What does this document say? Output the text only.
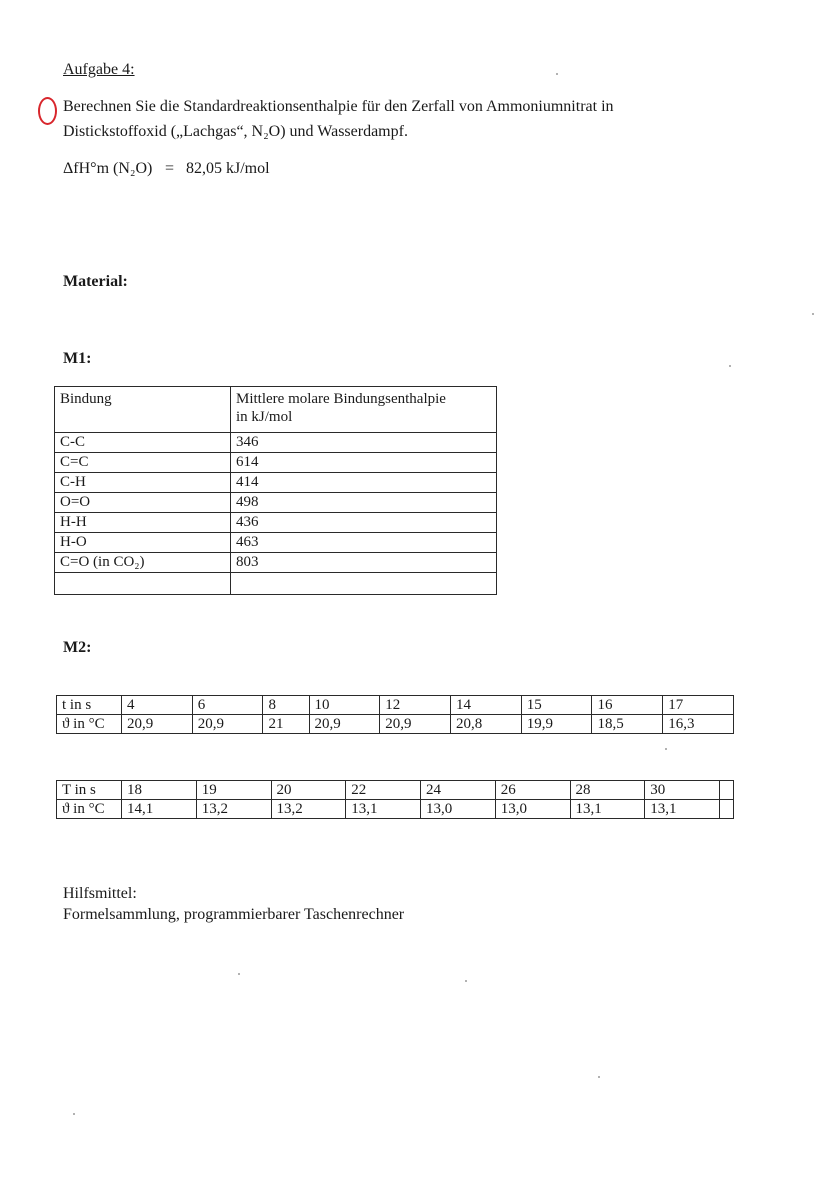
Aufgabe 4:
Berechnen Sie die Standardreaktionsenthalpie für den Zerfall von Ammoniumnitrat in
Distickstoffoxid („Lachgas“, N₂O) und Wasserdampf.
ΔfH°m (N₂O) = 82,05 kJ/mol
Material:
M1:
Bindung	Mittlere molare Bindungsenthalpie
in kJ/mol

C-C	346
C=C	614
C-H	414
O=O	498
H-H	436
H-O	463
C=O (in CO₂)	803

M2:
t in s	4	6	8	10	12	14	15	16	17
ϑ in °C	20,9	20,9	21	20,9	20,9	20,8	19,9	18,5	16,3
T in s	18	19	20	22	24	26	28	30	
ϑ in °C	14,1	13,2	13,2	13,1	13,0	13,0	13,1	13,1	
Hilfsmittel:
Formelsammlung, programmierbarer Taschenrechner
